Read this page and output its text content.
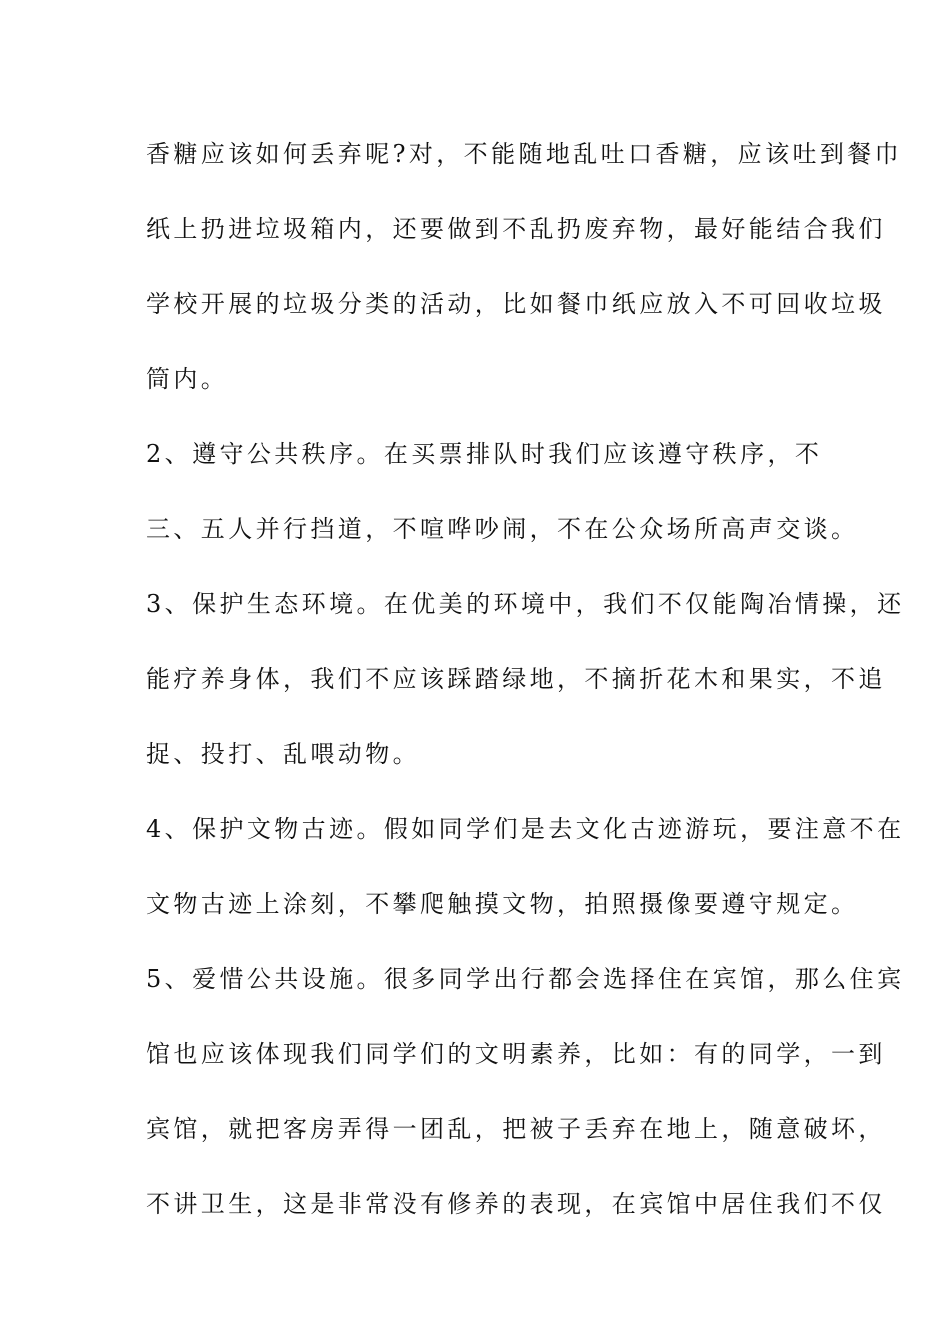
香糖应该如何丢弃呢?对，不能随地乱吐口香糖，应该吐到餐巾
纸上扔进垃圾箱内，还要做到不乱扔废弃物，最好能结合我们
学校开展的垃圾分类的活动，比如餐巾纸应放入不可回收垃圾
筒内。
2、遵守公共秩序。在买票排队时我们应该遵守秩序，不
三、五人并行挡道，不喧哗吵闹，不在公众场所高声交谈。
3、保护生态环境。在优美的环境中，我们不仅能陶冶情操，还
能疗养身体，我们不应该踩踏绿地，不摘折花木和果实，不追
捉、投打、乱喂动物。
4、保护文物古迹。假如同学们是去文化古迹游玩，要注意不在
文物古迹上涂刻，不攀爬触摸文物，拍照摄像要遵守规定。
5、爱惜公共设施。很多同学出行都会选择住在宾馆，那么住宾
馆也应该体现我们同学们的文明素养，比如：有的同学，一到
宾馆，就把客房弄得一团乱，把被子丢弃在地上，随意破坏，
不讲卫生，这是非常没有修养的表现，在宾馆中居住我们不仅
